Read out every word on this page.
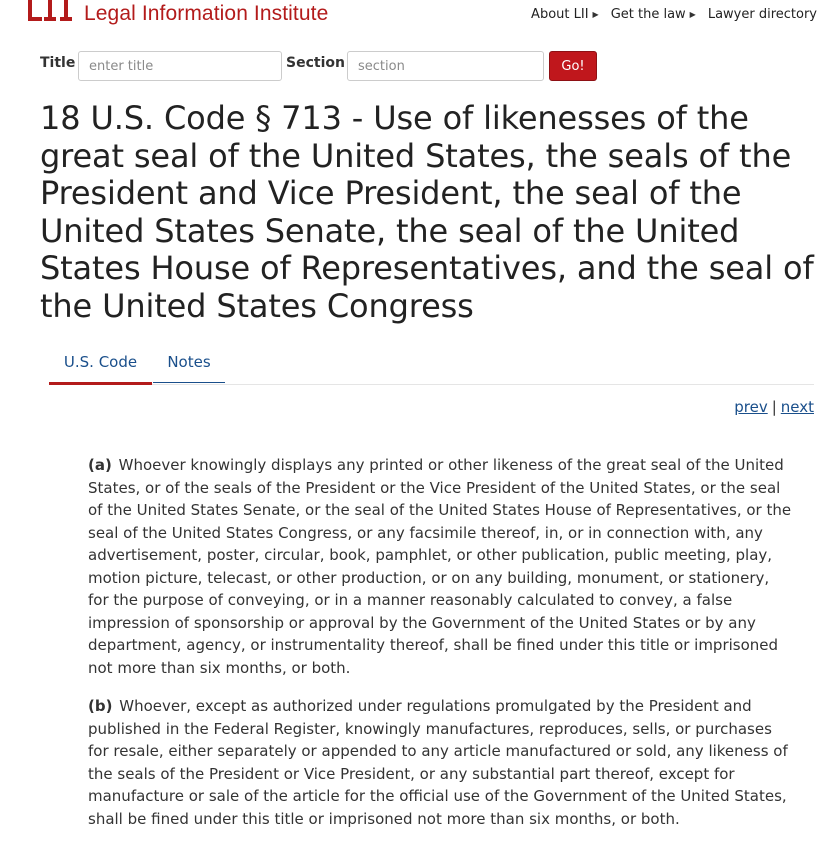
Legal Information Institute	About LII ▶ Get the law ▶ Lawyer directory
Title
enter title	Section
section	Go!
18 U.S. Code § 713 - Use of likenesses of the great seal of the United States, the seals of the President and Vice President, the seal of the United States Senate, the seal of the United States House of Representatives, and the seal of the United States Congress
U.S. Code	Notes
prev | next

(a) Whoever knowingly displays any printed or other likeness of the great seal of the United States, or of the seals of the President or the Vice President of the United States, or the seal of the United States Senate, or the seal of the United States House of Representatives, or the seal of the United States Congress, or any facsimile thereof, in, or in connection with, any advertisement, poster, circular, book, pamphlet, or other publication, public meeting, play, motion picture, telecast, or other production, or on any building, monument, or stationery, for the purpose of conveying, or in a manner reasonably calculated to convey, a false impression of sponsorship or approval by the Government of the United States or by any department, agency, or instrumentality thereof, shall be fined under this title or imprisoned not more than six months, or both.

(b) Whoever, except as authorized under regulations promulgated by the President and published in the Federal Register, knowingly manufactures, reproduces, sells, or purchases for resale, either separately or appended to any article manufactured or sold, any likeness of the seals of the President or Vice President, or any substantial part thereof, except for manufacture or sale of the article for the official use of the Government of the United States, shall be fined under this title or imprisoned not more than six months, or both.
